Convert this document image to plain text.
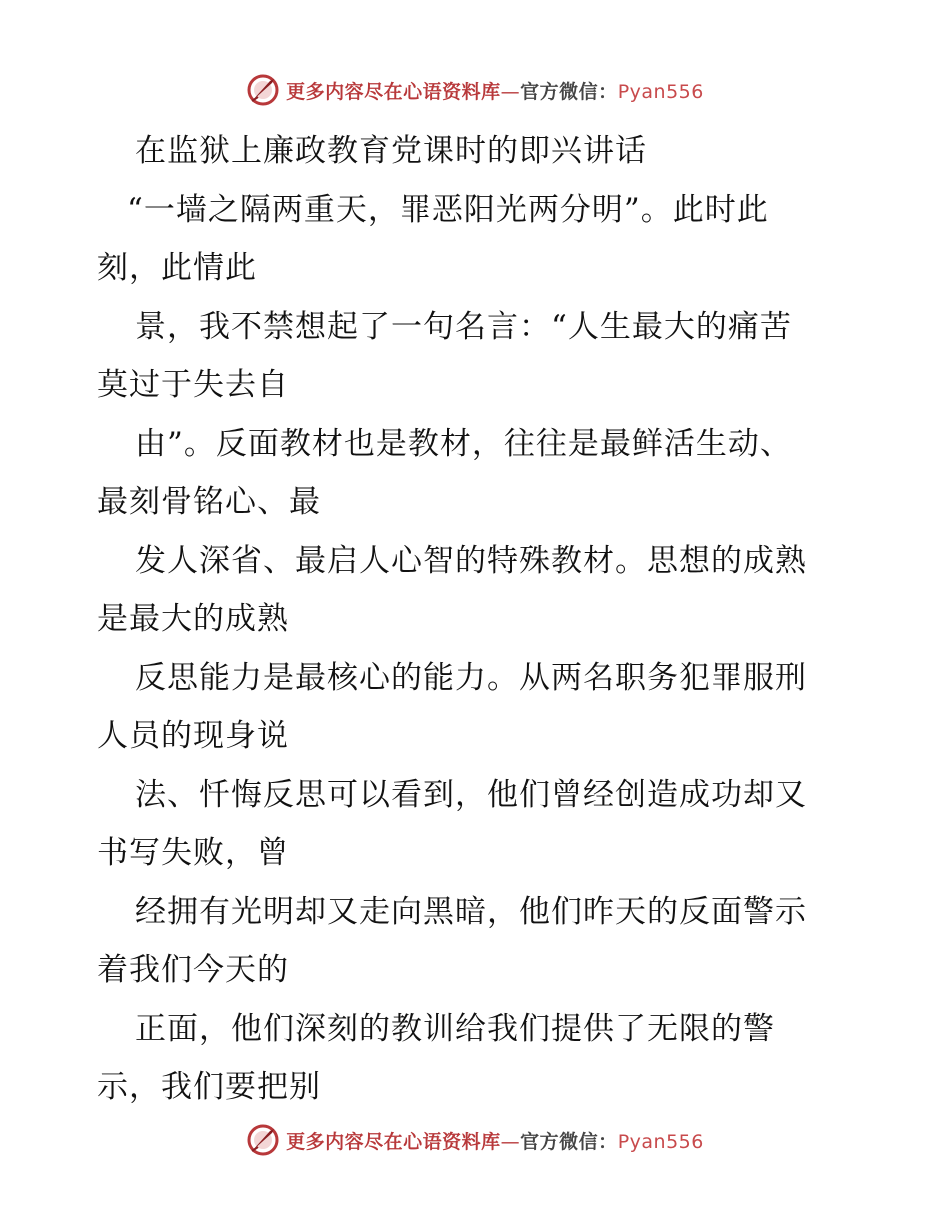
更多内容尽在心语资料库—官方微信：Pyan556
在监狱上廉政教育党课时的即兴讲话
“一墙之隔两重天，罪恶阳光两分明”。此时此
刻，此情此
景，我不禁想起了一句名言：“人生最大的痛苦
莫过于失去自
由”。反面教材也是教材，往往是最鲜活生动、
最刻骨铭心、最
发人深省、最启人心智的特殊教材。思想的成熟
是最大的成熟
反思能力是最核心的能力。从两名职务犯罪服刑
人员的现身说
法、忏悔反思可以看到，他们曾经创造成功却又
书写失败，曾
经拥有光明却又走向黑暗，他们昨天的反面警示
着我们今天的
正面，他们深刻的教训给我们提供了无限的警
示，我们要把别
更多内容尽在心语资料库—官方微信：Pyan556
